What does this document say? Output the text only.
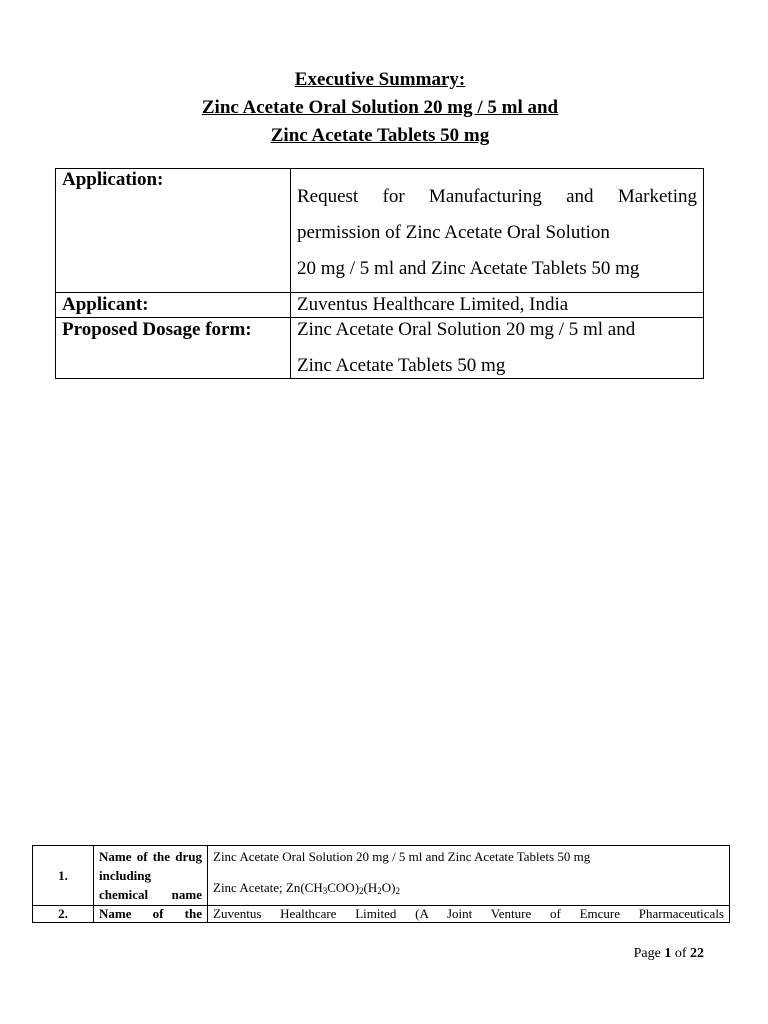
Executive Summary:
Zinc Acetate Oral Solution 20 mg / 5 ml and
Zinc Acetate Tablets 50 mg
Application:	Request for Manufacturing and Marketing
permission of Zinc Acetate Oral Solution
20 mg / 5 ml and Zinc Acetate Tablets 50 mg

Applicant:	Zuventus Healthcare Limited, India
Proposed Dosage form:	Zinc Acetate Oral Solution 20 mg / 5 ml and
Zinc Acetate Tablets 50 mg
1.	Name of the drug including chemical name	Zinc Acetate Oral Solution 20 mg / 5 ml and Zinc Acetate Tablets 50 mg
Zinc Acetate; $Zn(CH_3COO)_2(H_2O)_2$

2.	Name of the	Zuventus Healthcare Limited (A Joint Venture of Emcure Pharmaceuticals
Page 1 of 22
